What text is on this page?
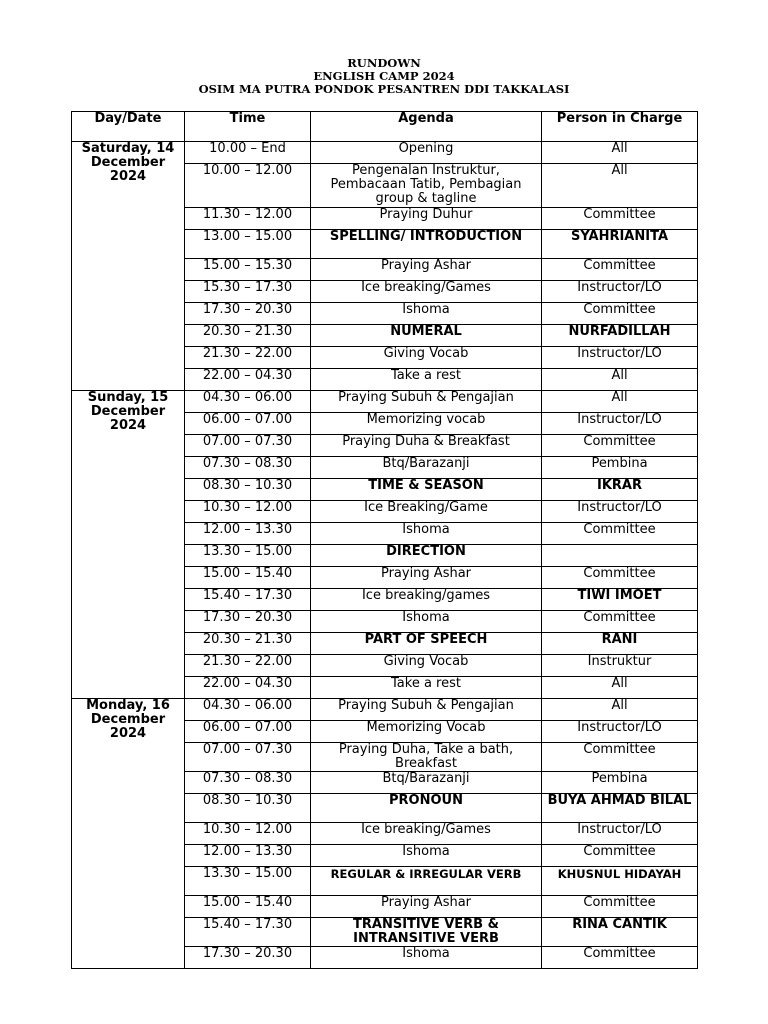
RUNDOWN
ENGLISH CAMP 2024
OSIM MA PUTRA PONDOK PESANTREN DDI TAKKALASI
Day/Date	Time	Agenda	Person in Charge
Saturday, 14 December 2024	10.00 – End	Opening	All
	10.00 – 12.00	Pengenalan Instruktur, Pembacaan Tatib, Pembagian group & tagline	All
	11.30 – 12.00	Praying Duhur	Committee
	13.00 – 15.00	SPELLING/ INTRODUCTION	SYAHRIANITA
	15.00 – 15.30	Praying Ashar	Committee
	15.30 – 17.30	Ice breaking/Games	Instructor/LO
	17.30 – 20.30	Ishoma	Committee
	20.30 – 21.30	NUMERAL	NURFADILLAH
	21.30 – 22.00	Giving Vocab	Instructor/LO
	22.00 – 04.30	Take a rest	All
Sunday, 15 December 2024	04.30 – 06.00	Praying Subuh & Pengajian	All
	06.00 – 07.00	Memorizing vocab	Instructor/LO
	07.00 – 07.30	Praying Duha & Breakfast	Committee
	07.30 – 08.30	Btq/Barazanji	Pembina
	08.30 – 10.30	TIME & SEASON	IKRAR
	10.30 – 12.00	Ice Breaking/Game	Instructor/LO
	12.00 – 13.30	Ishoma	Committee
	13.30 – 15.00	DIRECTION	
	15.00 – 15.40	Praying Ashar	Committee
	15.40 – 17.30	Ice breaking/games	TIWI IMOET
	17.30 – 20.30	Ishoma	Committee
	20.30 – 21.30	PART OF SPEECH	RANI
	21.30 – 22.00	Giving Vocab	Instruktur
	22.00 – 04.30	Take a rest	All
Monday, 16 December 2024	04.30 – 06.00	Praying Subuh & Pengajian	All
	06.00 – 07.00	Memorizing Vocab	Instructor/LO
	07.00 – 07.30	Praying Duha, Take a bath, Breakfast	Committee
	07.30 – 08.30	Btq/Barazanji	Pembina
	08.30 – 10.30	PRONOUN	BUYA AHMAD BILAL
	10.30 – 12.00	Ice breaking/Games	Instructor/LO
	12.00 – 13.30	Ishoma	Committee
	13.30 – 15.00	REGULAR & IRREGULAR VERB	KHUSNUL HIDAYAH
	15.00 – 15.40	Praying Ashar	Committee
	15.40 – 17.30	TRANSITIVE VERB & INTRANSITIVE VERB	RINA CANTIK
	17.30 – 20.30	Ishoma	Committee
